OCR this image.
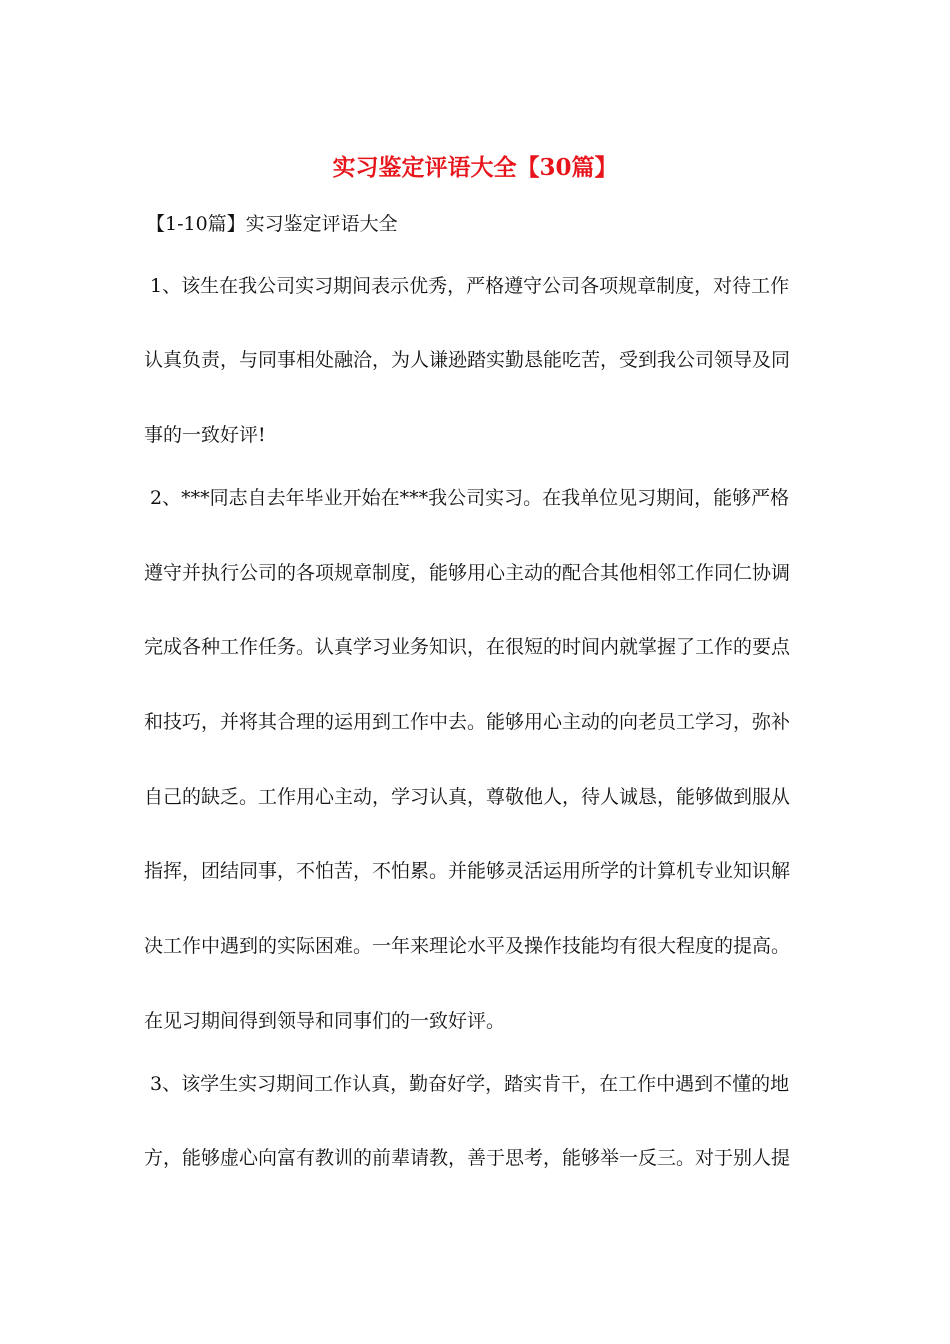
实习鉴定评语大全【30篇】
【1-10篇】实习鉴定评语大全
1、该生在我公司实习期间表示优秀，严格遵守公司各项规章制度，对待工作
认真负责，与同事相处融洽，为人谦逊踏实勤恳能吃苦，受到我公司领导及同
事的一致好评!
2、***同志自去年毕业开始在***我公司实习。在我单位见习期间，能够严格
遵守并执行公司的各项规章制度，能够用心主动的配合其他相邻工作同仁协调
完成各种工作任务。认真学习业务知识，在很短的时间内就掌握了工作的要点
和技巧，并将其合理的运用到工作中去。能够用心主动的向老员工学习，弥补
自己的缺乏。工作用心主动，学习认真，尊敬他人，待人诚恳，能够做到服从
指挥，团结同事，不怕苦，不怕累。并能够灵活运用所学的计算机专业知识解
决工作中遇到的实际困难。一年来理论水平及操作技能均有很大程度的提高。
在见习期间得到领导和同事们的一致好评。
3、该学生实习期间工作认真，勤奋好学，踏实肯干，在工作中遇到不懂的地
方，能够虚心向富有教训的前辈请教，善于思考，能够举一反三。对于别人提
